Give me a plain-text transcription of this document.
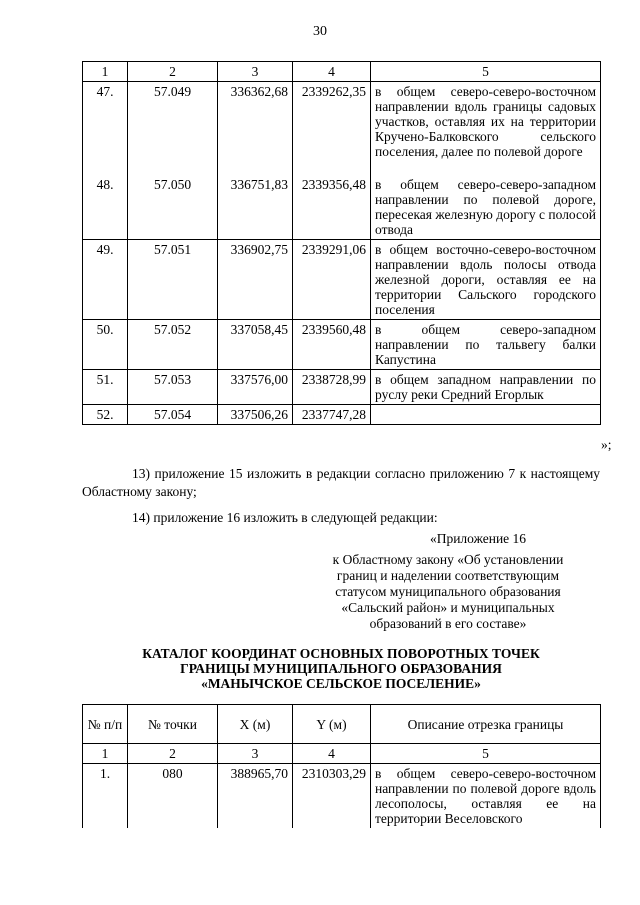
30
1	2	3	4	5
47.	57.049	336362,68	2339262,35	в общем северо-северо-восточном направлении вдоль границы садовых участков, оставляя их на территории Кручено-Балковского сельского поселения, далее по полевой дороге
48.	57.050	336751,83	2339356,48	в общем северо-северо-западном направлении по полевой дороге, пересекая железную дорогу с полосой отвода
49.	57.051	336902,75	2339291,06	в общем восточно-северо-восточном направлении вдоль полосы отвода железной дороги, оставляя ее на территории Сальского городского поселения
50.	57.052	337058,45	2339560,48	в общем северо-западном направлении по тальвегу балки Капустина
51.	57.053	337576,00	2338728,99	в общем западном направлении по руслу реки Средний Егорлык
52.	57.054	337506,26	2337747,28	
»;
13) приложение 15 изложить в редакции согласно приложению 7 к настоящему Областному закону;
14) приложение 16 изложить в следующей редакции:
«Приложение 16
к Областному закону «Об установлении границ и наделении соответствующим статусом муниципального образования «Сальский район» и муниципальных образований в его составе»
КАТАЛОГ КООРДИНАТ ОСНОВНЫХ ПОВОРОТНЫХ ТОЧЕК
ГРАНИЦЫ МУНИЦИПАЛЬНОГО ОБРАЗОВАНИЯ
«МАНЫЧСКОЕ СЕЛЬСКОЕ ПОСЕЛЕНИЕ»
№ п/п	№ точки	X (м)	Y (м)	Описание отрезка границы
1	2	3	4	5
1.	080	388965,70	2310303,29	в общем северо-северо-восточном направлении по полевой дороге вдоль лесополосы, оставляя ее на территории Веселовского
